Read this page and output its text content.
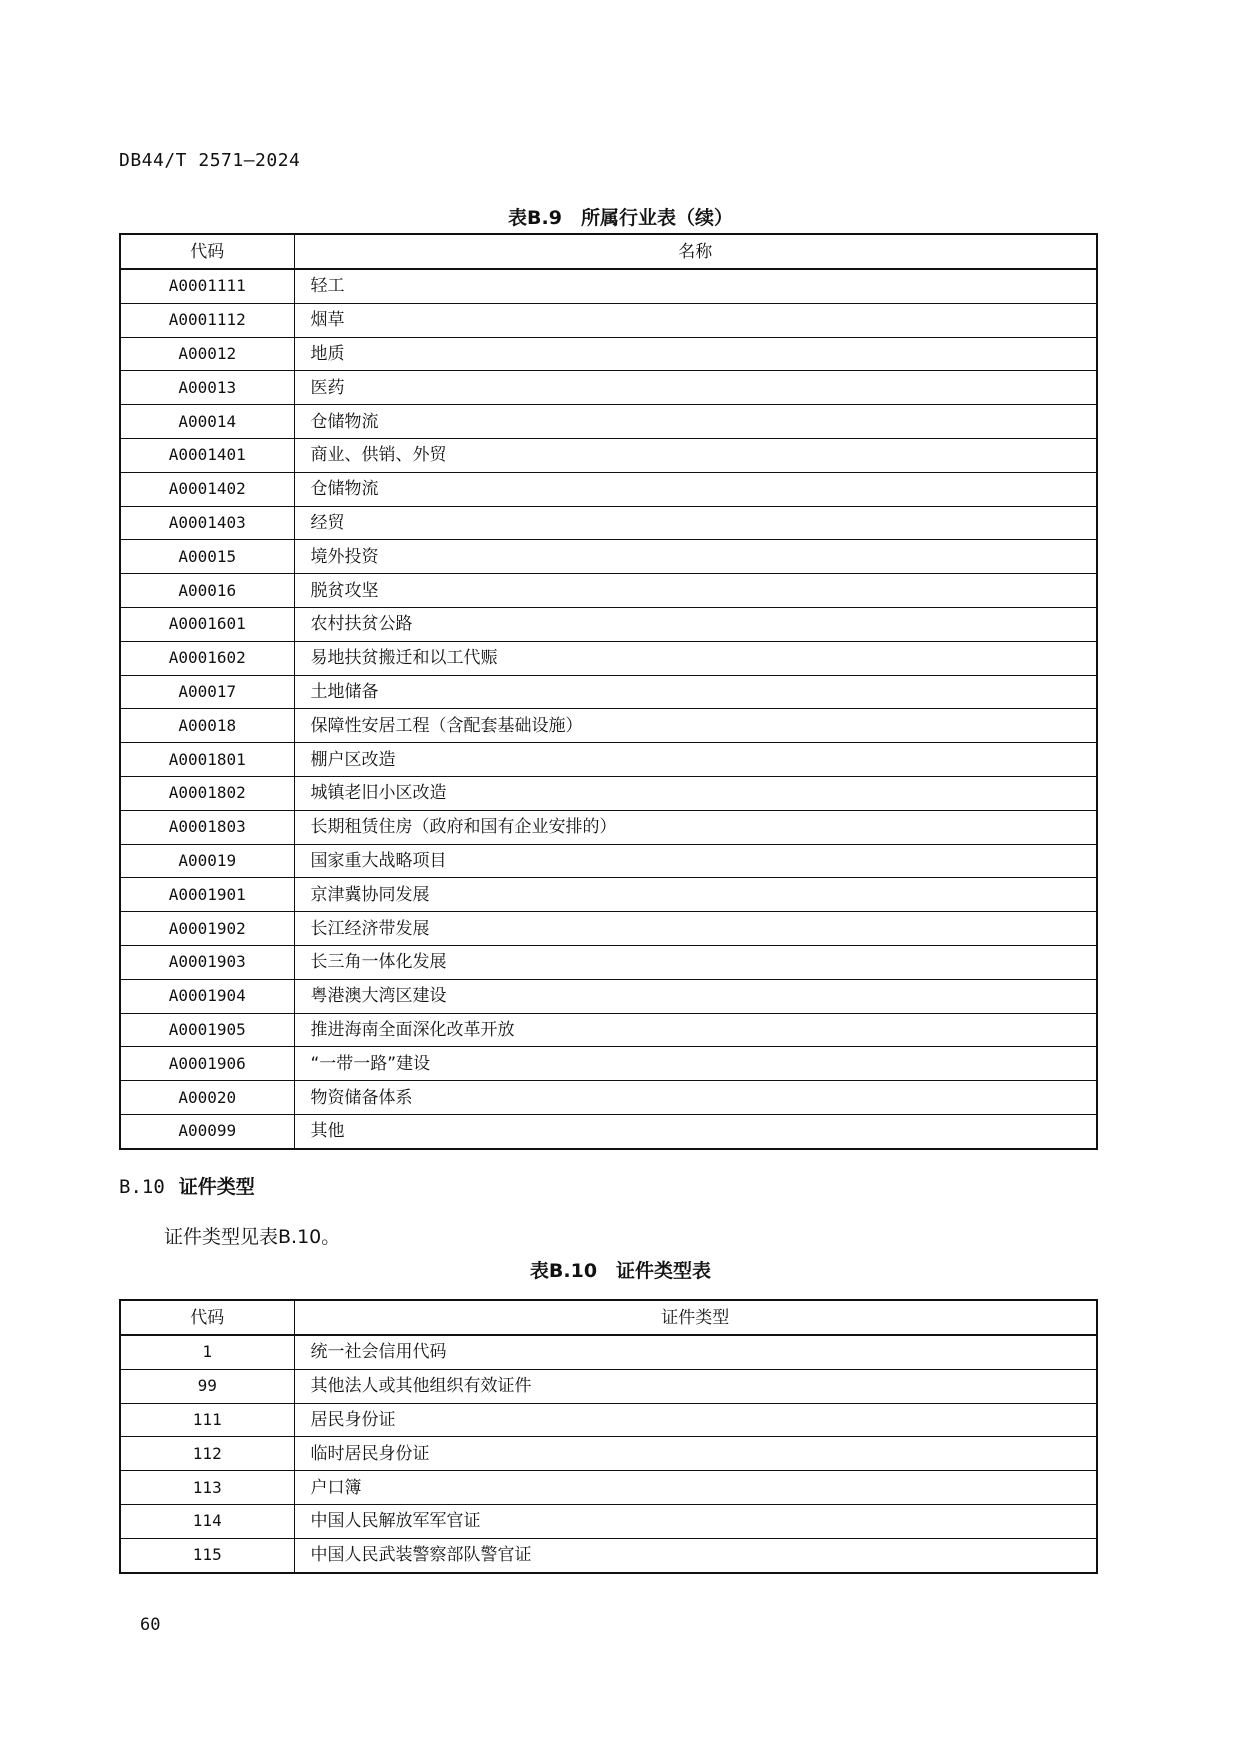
DB44/T 2571—2024
表B.9　所属行业表（续）
代码	名称
A0001111	轻工
A0001112	烟草
A00012	地质
A00013	医药
A00014	仓储物流
A0001401	商业、供销、外贸
A0001402	仓储物流
A0001403	经贸
A00015	境外投资
A00016	脱贫攻坚
A0001601	农村扶贫公路
A0001602	易地扶贫搬迁和以工代赈
A00017	土地储备
A00018	保障性安居工程（含配套基础设施）
A0001801	棚户区改造
A0001802	城镇老旧小区改造
A0001803	长期租赁住房（政府和国有企业安排的）
A00019	国家重大战略项目
A0001901	京津冀协同发展
A0001902	长江经济带发展
A0001903	长三角一体化发展
A0001904	粤港澳大湾区建设
A0001905	推进海南全面深化改革开放
A0001906	“一带一路”建设
A00020	物资储备体系
A00099	其他
B.10 证件类型
证件类型见表B.10。
表B.10　证件类型表
代码	证件类型
1	统一社会信用代码
99	其他法人或其他组织有效证件
111	居民身份证
112	临时居民身份证
113	户口簿
114	中国人民解放军军官证
115	中国人民武装警察部队警官证
60
